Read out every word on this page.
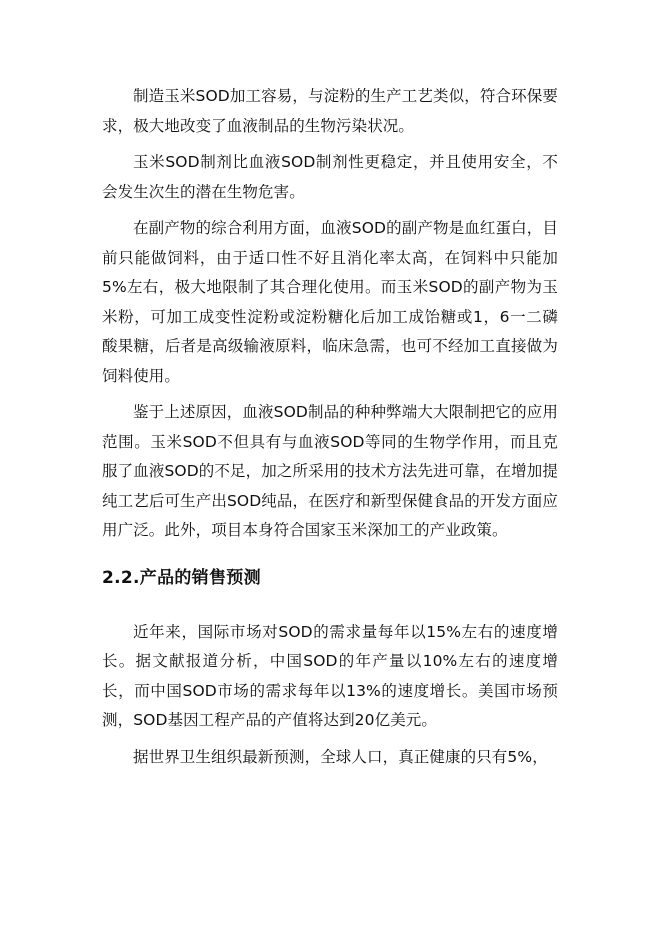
制造玉米SOD加工容易，与淀粉的生产工艺类似，符合环保要求，极大地改变了血液制品的生物污染状况。

玉米SOD制剂比血液SOD制剂性更稳定，并且使用安全，不会发生次生的潜在生物危害。

在副产物的综合利用方面，血液SOD的副产物是血红蛋白，目前只能做饲料，由于适口性不好且消化率太高，在饲料中只能加5%左右，极大地限制了其合理化使用。而玉米SOD的副产物为玉米粉，可加工成变性淀粉或淀粉糖化后加工成饴糖或1，6一二磷酸果糖，后者是高级输液原料，临床急需，也可不经加工直接做为饲料使用。

鉴于上述原因，血液SOD制品的种种弊端大大限制把它的应用范围。玉米SOD不但具有与血液SOD等同的生物学作用，而且克服了血液SOD的不足，加之所采用的技术方法先进可靠，在增加提纯工艺后可生产出SOD纯品，在医疗和新型保健食品的开发方面应用广泛。此外，项目本身符合国家玉米深加工的产业政策。

2.2.产品的销售预测

近年来，国际市场对SOD的需求量每年以15%左右的速度增长。据文献报道分析，中国SOD的年产量以10%左右的速度增长，而中国SOD市场的需求每年以13%的速度增长。美国市场预测，SOD基因工程产品的产值将达到20亿美元。

据世界卫生组织最新预测，全球人口，真正健康的只有5%，
